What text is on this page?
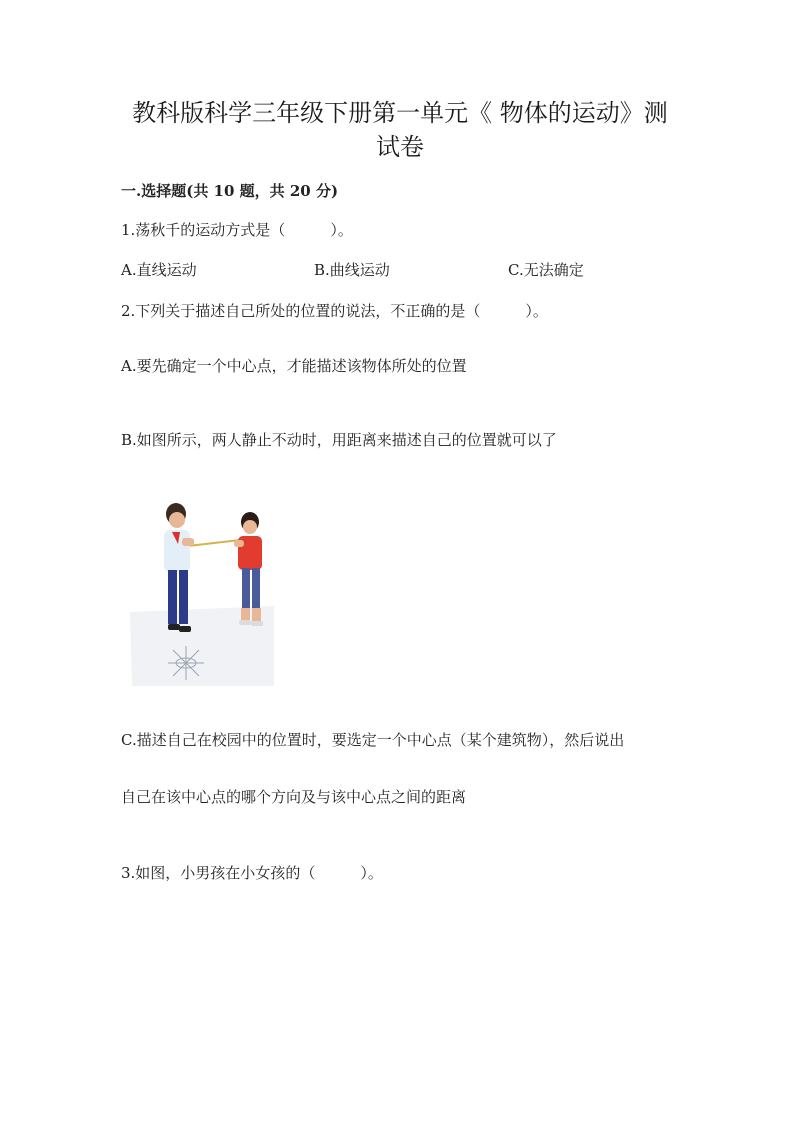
教科版科学三年级下册第一单元《 物体的运动》测
试卷
一.选择题(共 10 题，共 20 分)
1.荡秋千的运动方式是（　　　）。
A.直线运动	B.曲线运动	C.无法确定
2.下列关于描述自己所处的位置的说法，不正确的是（　　　）。
A.要先确定一个中心点，才能描述该物体所处的位置
B.如图所示，两人静止不动时，用距离来描述自己的位置就可以了
C.描述自己在校园中的位置时，要选定一个中心点（某个建筑物），然后说出
自己在该中心点的哪个方向及与该中心点之间的距离
3.如图，小男孩在小女孩的（　　　）。
